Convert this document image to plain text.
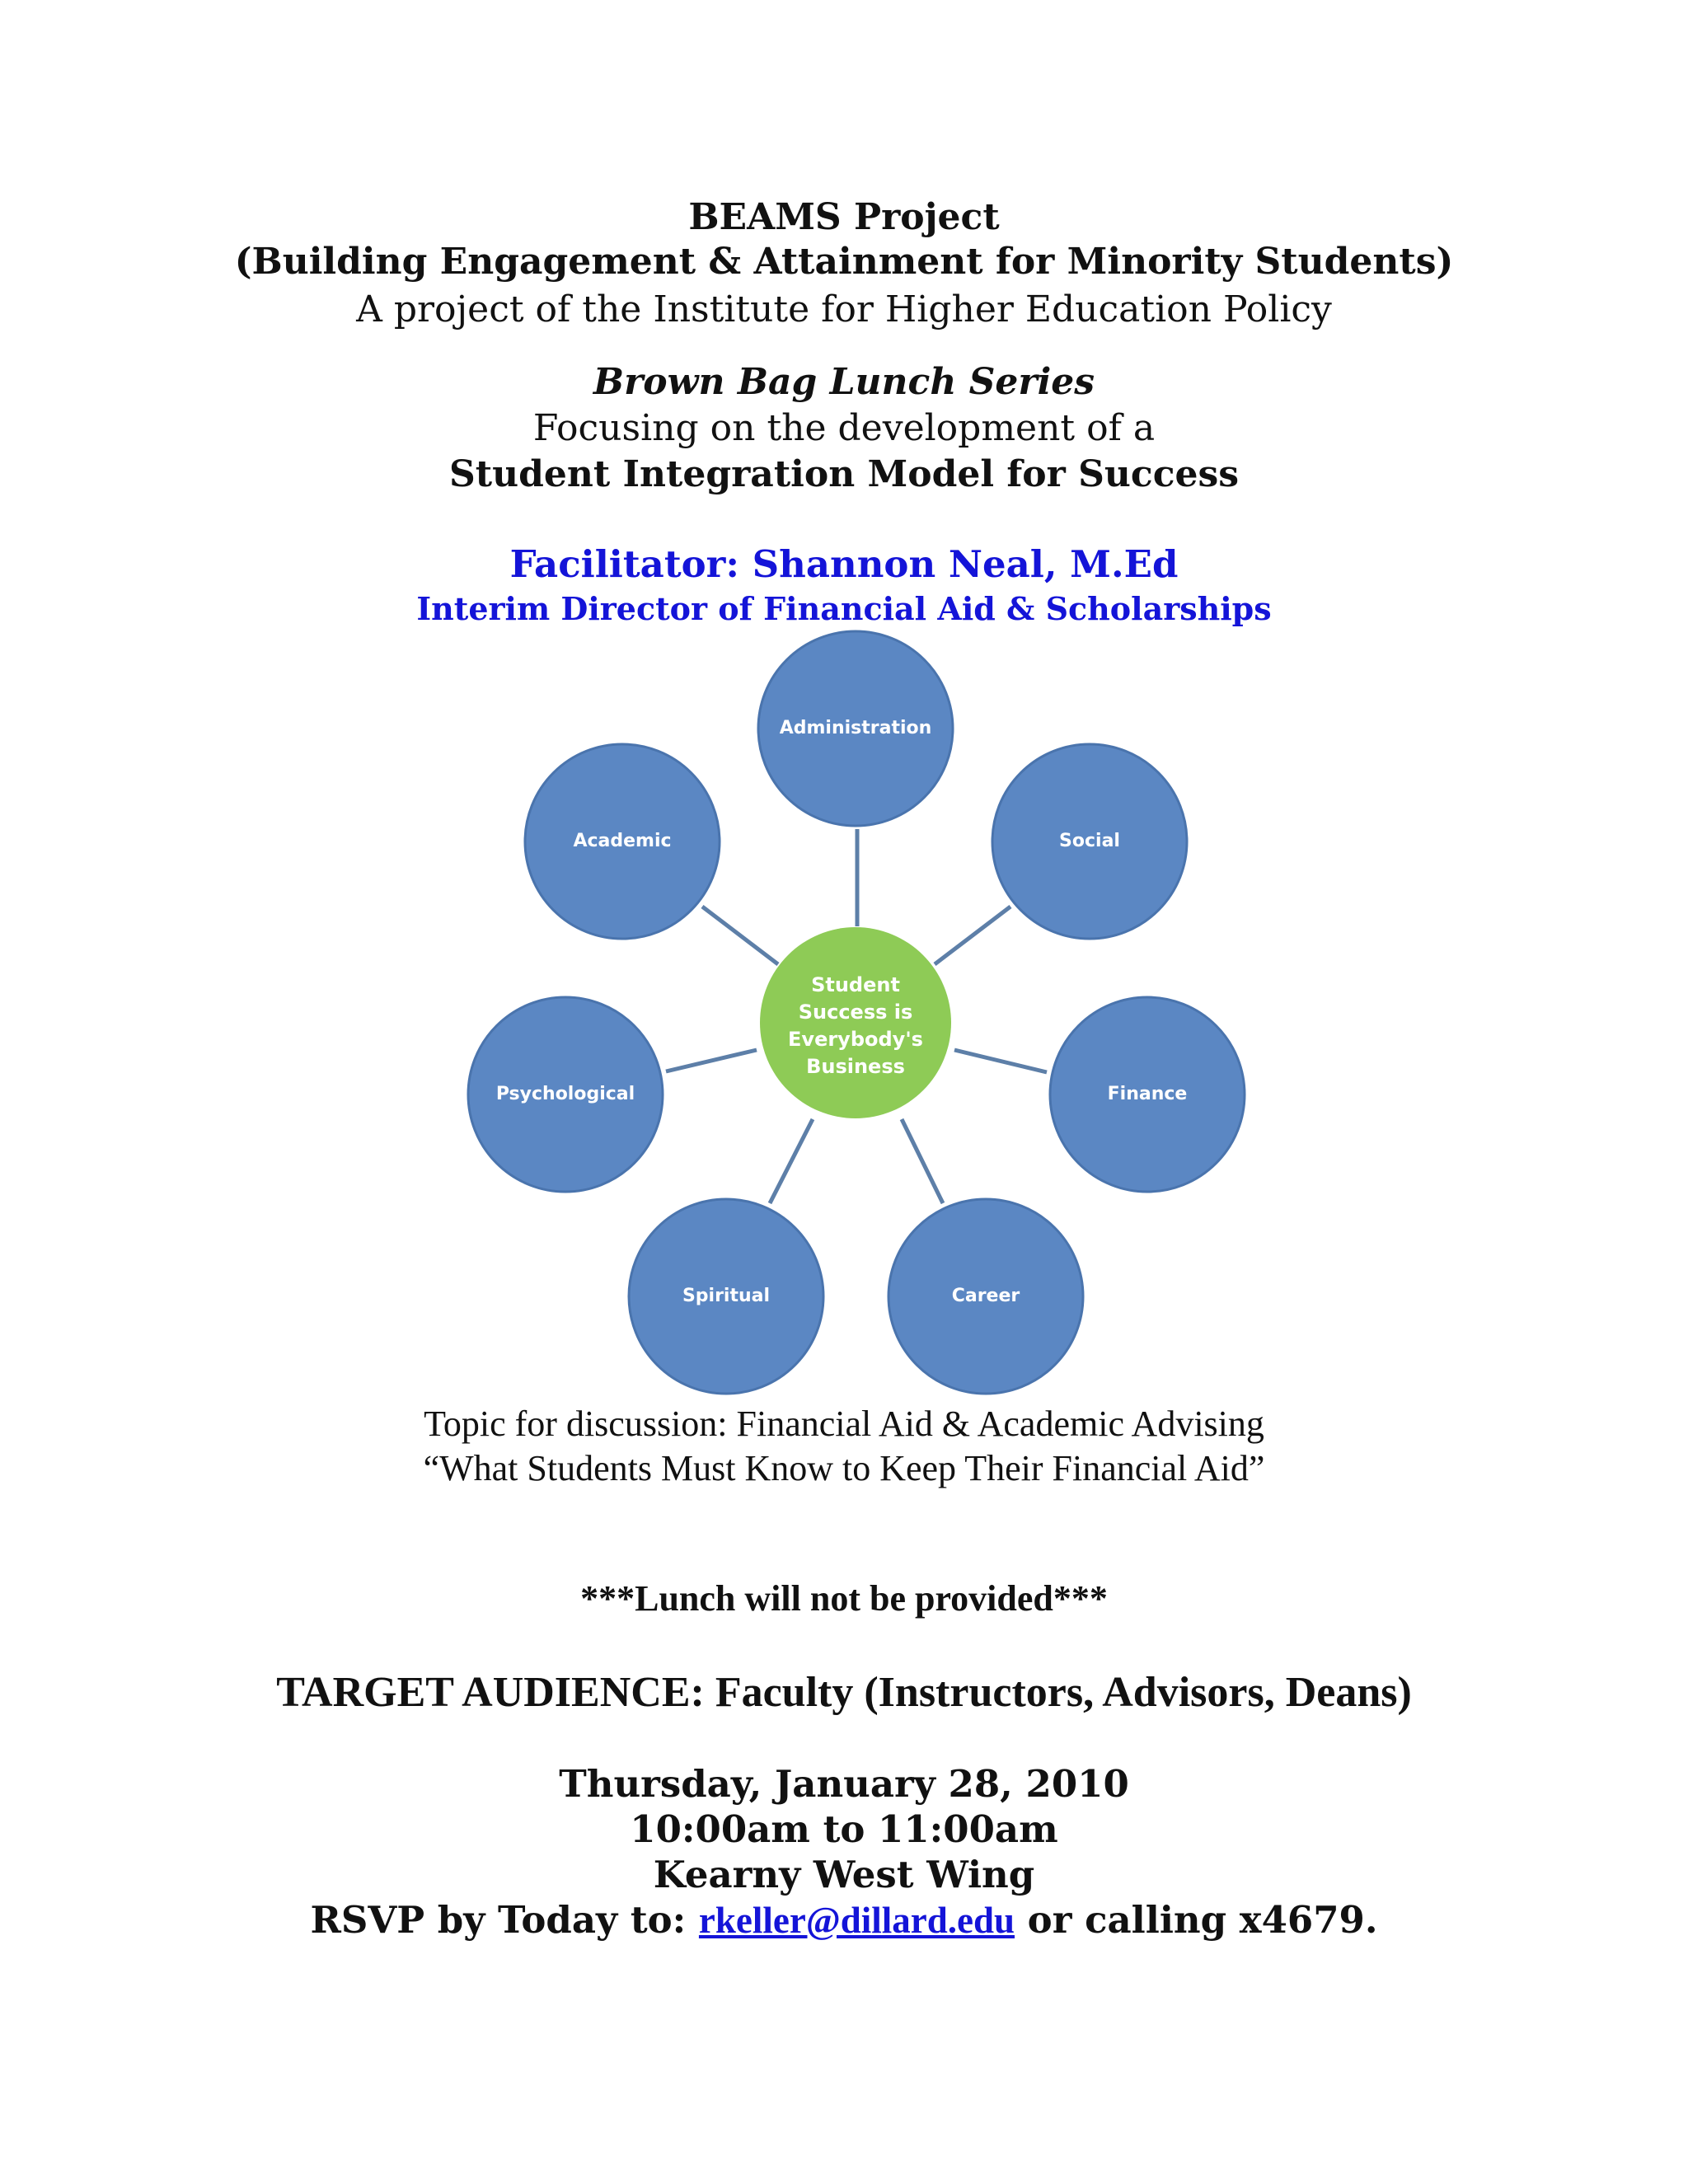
BEAMS Project

(Building Engagement & Attainment for Minority Students)

A project of the Institute for Higher Education Policy

Brown Bag Lunch Series

Focusing on the development of a

Student Integration Model for Success

Facilitator: Shannon Neal, M.Ed

Interim Director of Financial Aid & Scholarships

Administration
Social
Finance
Career
Spiritual
Psychological
Academic
Student
Success is
Everybody's
Business

Topic for discussion: Financial Aid & Academic Advising

“What Students Must Know to Keep Their Financial Aid”

***Lunch will not be provided***

TARGET AUDIENCE: Faculty (Instructors, Advisors, Deans)

Thursday, January 28, 2010

10:00am to 11:00am

Kearny West Wing

RSVP by Today to: rkeller@dillard.edu or calling x4679.
